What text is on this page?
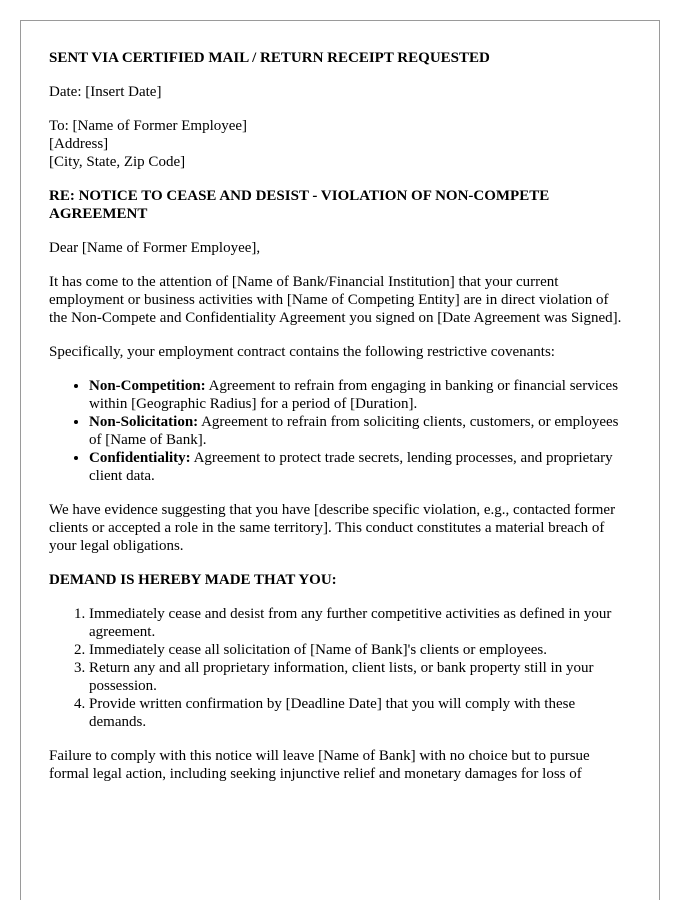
SENT VIA CERTIFIED MAIL / RETURN RECEIPT REQUESTED

Date: [Insert Date]

To: [Name of Former Employee]
[Address]
[City, State, Zip Code]

RE: NOTICE TO CEASE AND DESIST - VIOLATION OF NON-COMPETE AGREEMENT

Dear [Name of Former Employee],

It has come to the attention of [Name of Bank/Financial Institution] that your current employment or business activities with [Name of Competing Entity] are in direct violation of the Non-Compete and Confidentiality Agreement you signed on [Date Agreement was Signed].

Specifically, your employment contract contains the following restrictive covenants:

• Non-Competition: Agreement to refrain from engaging in banking or financial services within [Geographic Radius] for a period of [Duration].
• Non-Solicitation: Agreement to refrain from soliciting clients, customers, or employees of [Name of Bank].
• Confidentiality: Agreement to protect trade secrets, lending processes, and proprietary client data.

We have evidence suggesting that you have [describe specific violation, e.g., contacted former clients or accepted a role in the same territory]. This conduct constitutes a material breach of your legal obligations.

DEMAND IS HEREBY MADE THAT YOU:

1. Immediately cease and desist from any further competitive activities as defined in your agreement.
2. Immediately cease all solicitation of [Name of Bank]'s clients or employees.
3. Return any and all proprietary information, client lists, or bank property still in your possession.
4. Provide written confirmation by [Deadline Date] that you will comply with these demands.

Failure to comply with this notice will leave [Name of Bank] with no choice but to pursue formal legal action, including seeking injunctive relief and monetary damages for loss of
